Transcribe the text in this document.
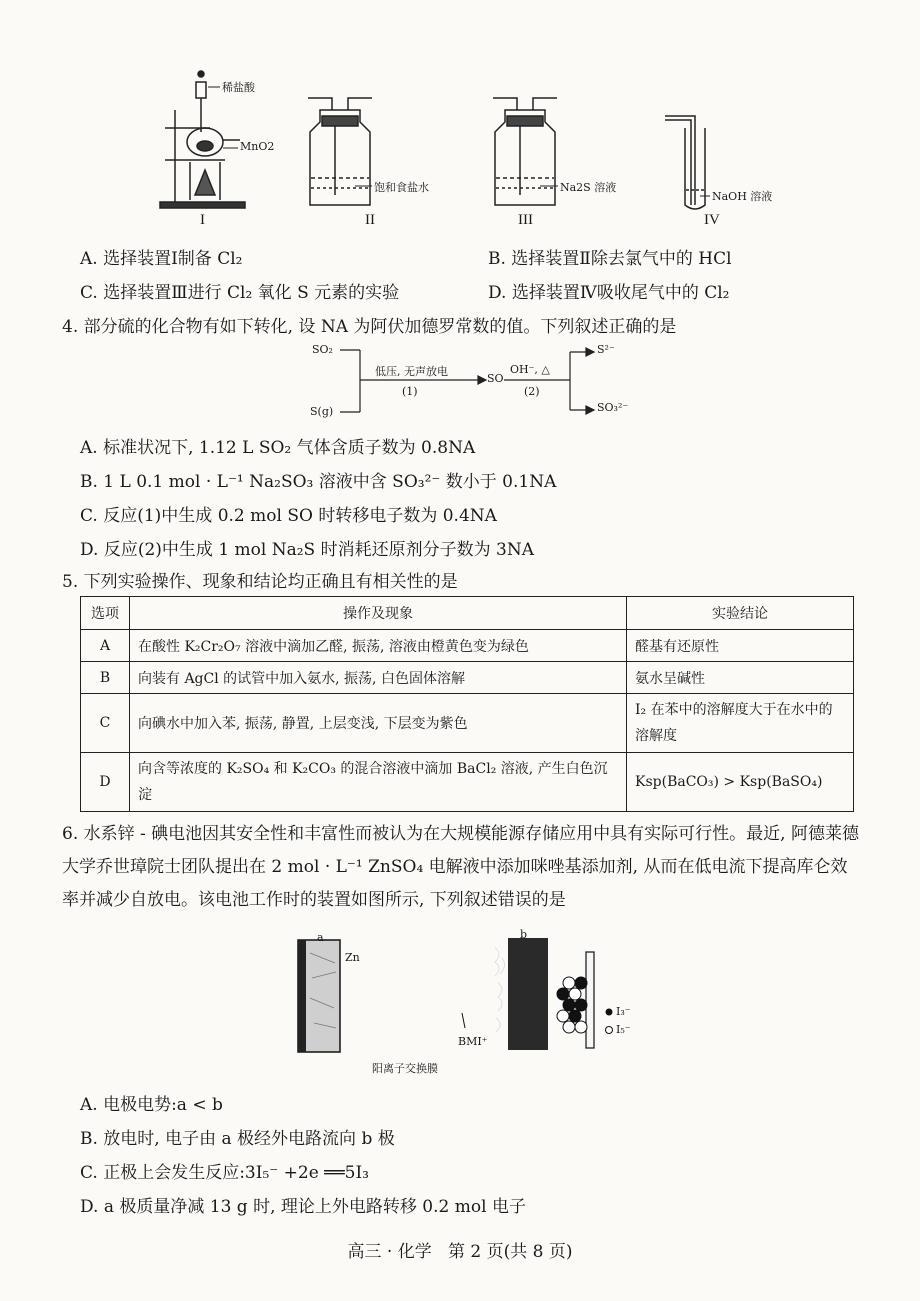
稀盐酸
MnO2
饱和食盐水	Na2S 溶液
NaOH 溶液
I	II	III	IV
A. 选择装置Ⅰ制备 Cl₂	B. 选择装置Ⅱ除去氯气中的 HCl
C. 选择装置Ⅲ进行 Cl₂ 氧化 S 元素的实验	D. 选择装置Ⅳ吸收尾气中的 Cl₂
4. 部分硫的化合物有如下转化, 设 NA 为阿伏加德罗常数的值。下列叙述正确的是
SO₂
S(g)
低压, 无声放电
(1)
SO
OH⁻, △
(2)
S²⁻
SO₃²⁻
A. 标准状况下, 1.12 L SO₂ 气体含质子数为 0.8NA
B. 1 L 0.1 mol · L⁻¹ Na₂SO₃ 溶液中含 SO₃²⁻ 数小于 0.1NA
C. 反应(1)中生成 0.2 mol SO 时转移电子数为 0.4NA
D. 反应(2)中生成 1 mol Na₂S 时消耗还原剂分子数为 3NA
5. 下列实验操作、现象和结论均正确且有相关性的是
选项	操作及现象	实验结论
A	在酸性 K₂Cr₂O₇ 溶液中滴加乙醛, 振荡, 溶液由橙黄色变为绿色	醛基有还原性
B	向装有 AgCl 的试管中加入氨水, 振荡, 白色固体溶解	氨水呈碱性
C	向碘水中加入苯, 振荡, 静置, 上层变浅, 下层变为紫色	I₂ 在苯中的溶解度大于在水中的溶解度
D	向含等浓度的 K₂SO₄ 和 K₂CO₃ 的混合溶液中滴加 BaCl₂ 溶液, 产生白色沉淀	Ksp(BaCO₃) > Ksp(BaSO₄)
6. 水系锌 - 碘电池因其安全性和丰富性而被认为在大规模能源存储应用中具有实际可行性。最近, 阿德莱德大学乔世璋院士团队提出在 2 mol · L⁻¹ ZnSO₄ 电解液中添加咪唑基添加剂, 从而在低电流下提高库仑效率并减少自放电。该电池工作时的装置如图所示, 下列叙述错误的是
a
Zn
b
I₃⁻
I₅⁻
BMI⁺
阳离子交换膜
A. 电极电势:a < b
B. 放电时, 电子由 a 极经外电路流向 b 极
C. 正极上会发生反应:3I₅⁻ +2e ══5I₃
D. a 极质量净减 13 g 时, 理论上外电路转移 0.2 mol 电子
高三 · 化学   第 2 页(共 8 页)
